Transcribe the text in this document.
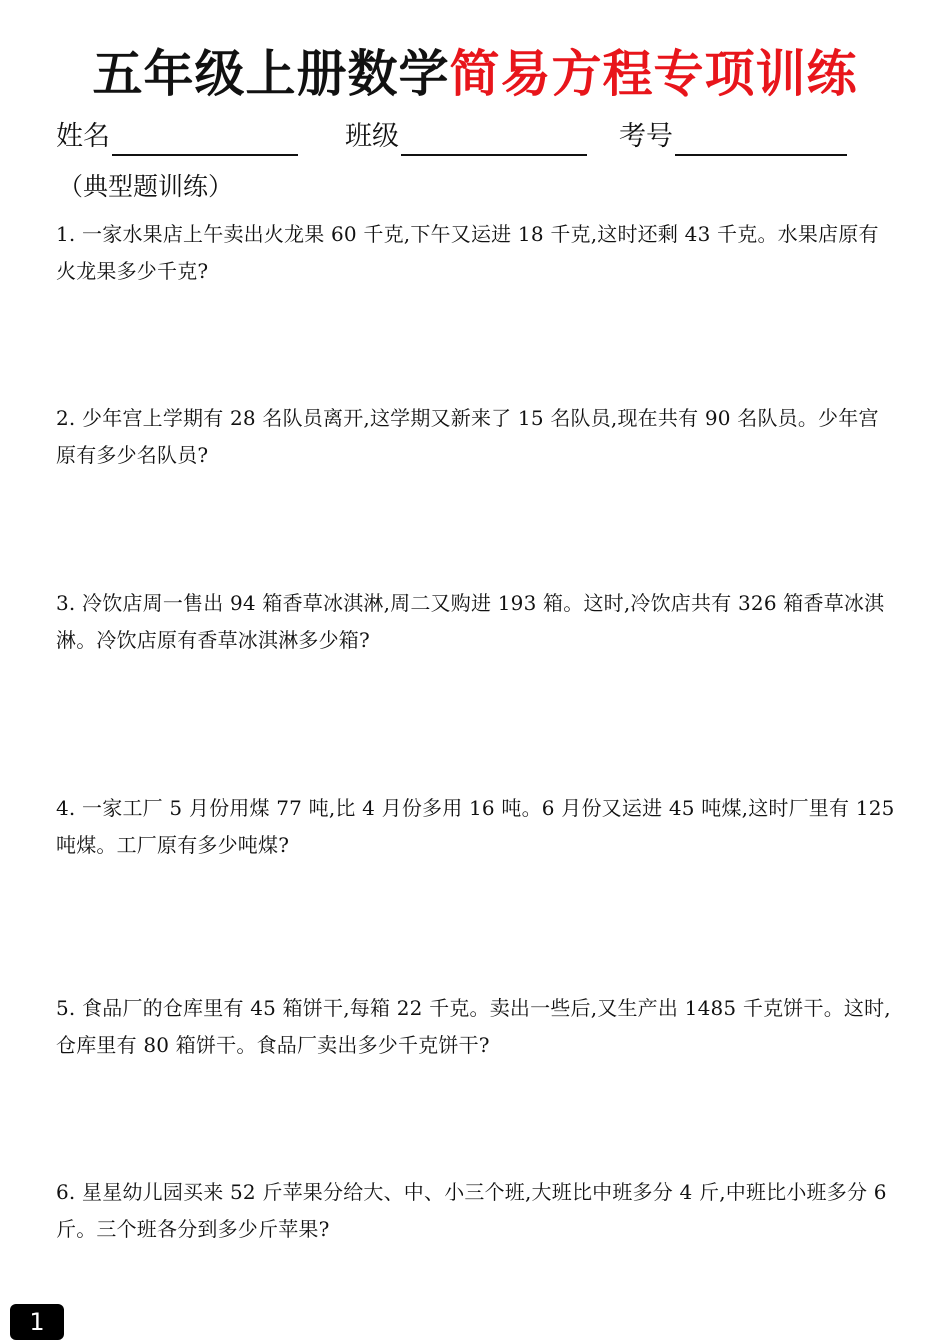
五年级上册数学简易方程专项训练
姓名	班级	考号
（典型题训练）
1. 一家水果店上午卖出火龙果 60 千克,下午又运进 18 千克,这时还剩 43 千克。水果店原有火龙果多少千克?
2. 少年宫上学期有 28 名队员离开,这学期又新来了 15 名队员,现在共有 90 名队员。少年宫原有多少名队员?
3. 冷饮店周一售出 94 箱香草冰淇淋,周二又购进 193 箱。这时,冷饮店共有 326 箱香草冰淇淋。冷饮店原有香草冰淇淋多少箱?
4. 一家工厂 5 月份用煤 77 吨,比 4 月份多用 16 吨。6 月份又运进 45 吨煤,这时厂里有 125 吨煤。工厂原有多少吨煤?
5. 食品厂的仓库里有 45 箱饼干,每箱 22 千克。卖出一些后,又生产出 1485 千克饼干。这时,仓库里有 80 箱饼干。食品厂卖出多少千克饼干?
6. 星星幼儿园买来 52 斤苹果分给大、中、小三个班,大班比中班多分 4 斤,中班比小班多分 6 斤。三个班各分到多少斤苹果?
1
